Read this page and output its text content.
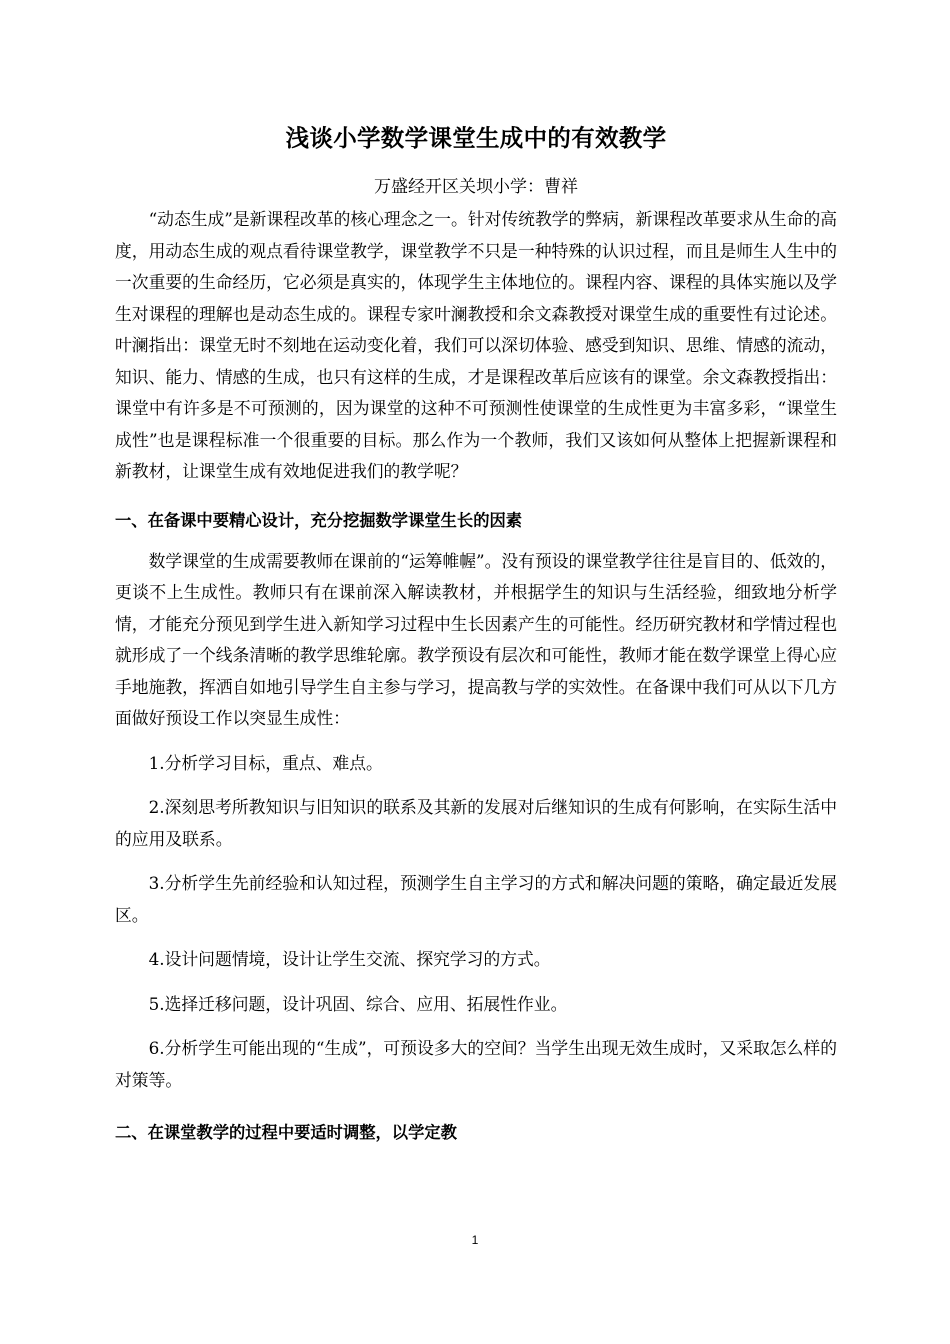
浅谈小学数学课堂生成中的有效教学
万盛经开区关坝小学：曹祥

“动态生成”是新课程改革的核心理念之一。针对传统教学的弊病，新课程改革要求从生命的高度，用动态生成的观点看待课堂教学，课堂教学不只是一种特殊的认识过程，而且是师生人生中的一次重要的生命经历，它必须是真实的，体现学生主体地位的。课程内容、课程的具体实施以及学生对课程的理解也是动态生成的。课程专家叶澜教授和余文森教授对课堂生成的重要性有过论述。叶澜指出：课堂无时不刻地在运动变化着，我们可以深切体验、感受到知识、思维、情感的流动，知识、能力、情感的生成，也只有这样的生成，才是课程改革后应该有的课堂。余文森教授指出：课堂中有许多是不可预测的，因为课堂的这种不可预测性使课堂的生成性更为丰富多彩，“课堂生成性”也是课程标准一个很重要的目标。那么作为一个教师，我们又该如何从整体上把握新课程和新教材，让课堂生成有效地促进我们的教学呢？

一、在备课中要精心设计，充分挖掘数学课堂生长的因素

数学课堂的生成需要教师在课前的“运筹帷幄”。没有预设的课堂教学往往是盲目的、低效的，更谈不上生成性。教师只有在课前深入解读教材，并根据学生的知识与生活经验，细致地分析学情，才能充分预见到学生进入新知学习过程中生长因素产生的可能性。经历研究教材和学情过程也就形成了一个线条清晰的教学思维轮廓。教学预设有层次和可能性，教师才能在数学课堂上得心应手地施教，挥洒自如地引导学生自主参与学习，提高教与学的实效性。在备课中我们可从以下几方面做好预设工作以突显生成性：

1.分析学习目标，重点、难点。

2.深刻思考所教知识与旧知识的联系及其新的发展对后继知识的生成有何影响，在实际生活中的应用及联系。

3.分析学生先前经验和认知过程，预测学生自主学习的方式和解决问题的策略，确定最近发展区。

4.设计问题情境，设计让学生交流、探究学习的方式。

5.选择迁移问题，设计巩固、综合、应用、拓展性作业。

6.分析学生可能出现的“生成”，可预设多大的空间？当学生出现无效生成时，又采取怎么样的对策等。

二、在课堂教学的过程中要适时调整，以学定教
1
